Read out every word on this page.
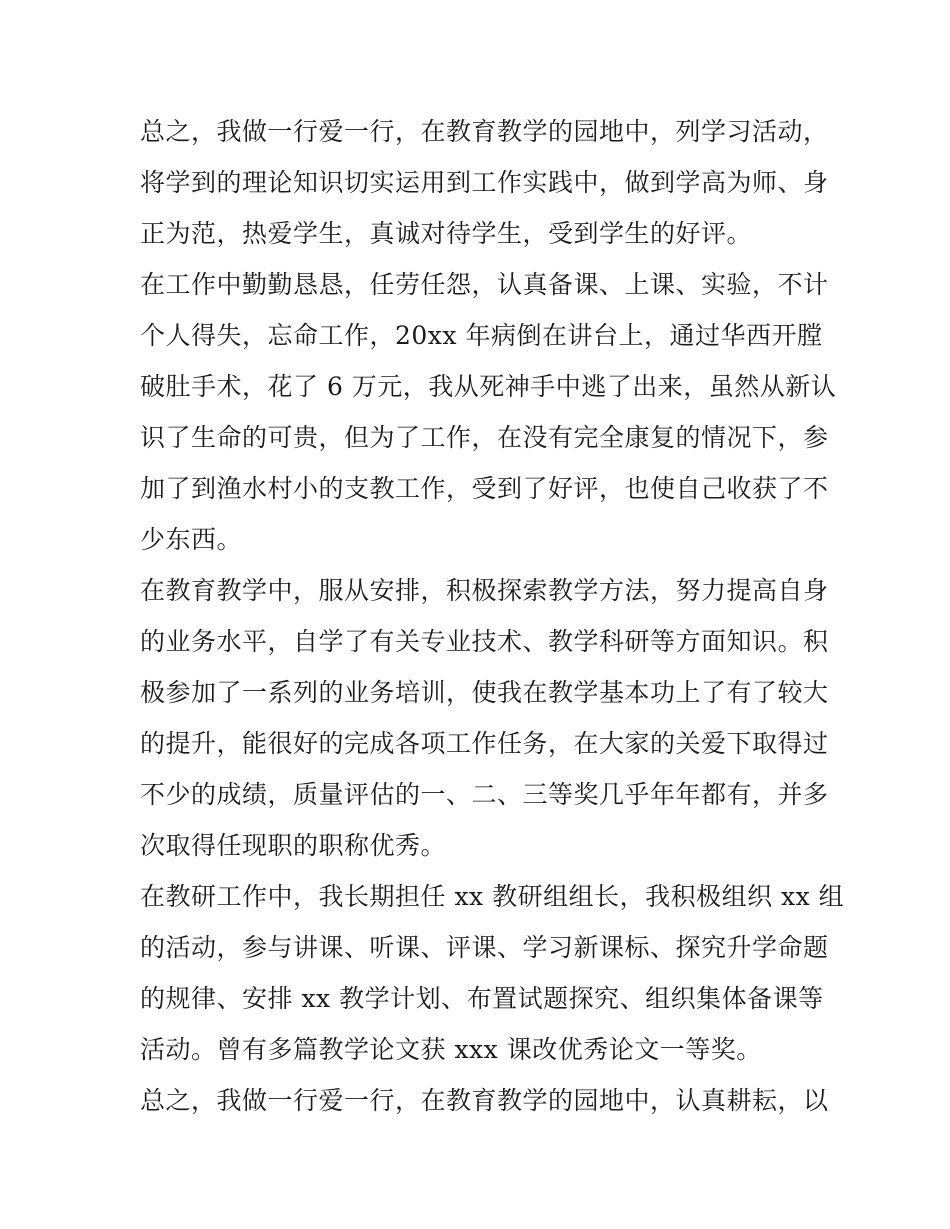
总之，我做一行爱一行，在教育教学的园地中，列学习活动，
将学到的理论知识切实运用到工作实践中，做到学高为师、身
正为范，热爱学生，真诚对待学生，受到学生的好评。
在工作中勤勤恳恳，任劳任怨，认真备课、上课、实验，不计
个人得失，忘命工作，20xx 年病倒在讲台上，通过华西开膛
破肚手术，花了 6 万元，我从死神手中逃了出来，虽然从新认
识了生命的可贵，但为了工作，在没有完全康复的情况下，参
加了到渔水村小的支教工作，受到了好评，也使自己收获了不
少东西。
在教育教学中，服从安排，积极探索教学方法，努力提高自身
的业务水平，自学了有关专业技术、教学科研等方面知识。积
极参加了一系列的业务培训，使我在教学基本功上了有了较大
的提升，能很好的完成各项工作任务，在大家的关爱下取得过
不少的成绩，质量评估的一、二、三等奖几乎年年都有，并多
次取得任现职的职称优秀。
在教研工作中，我长期担任 xx 教研组组长，我积极组织 xx 组
的活动，参与讲课、听课、评课、学习新课标、探究升学命题
的规律、安排 xx 教学计划、布置试题探究、组织集体备课等
活动。曾有多篇教学论文获 xxx 课改优秀论文一等奖。
总之，我做一行爱一行，在教育教学的园地中，认真耕耘，以
